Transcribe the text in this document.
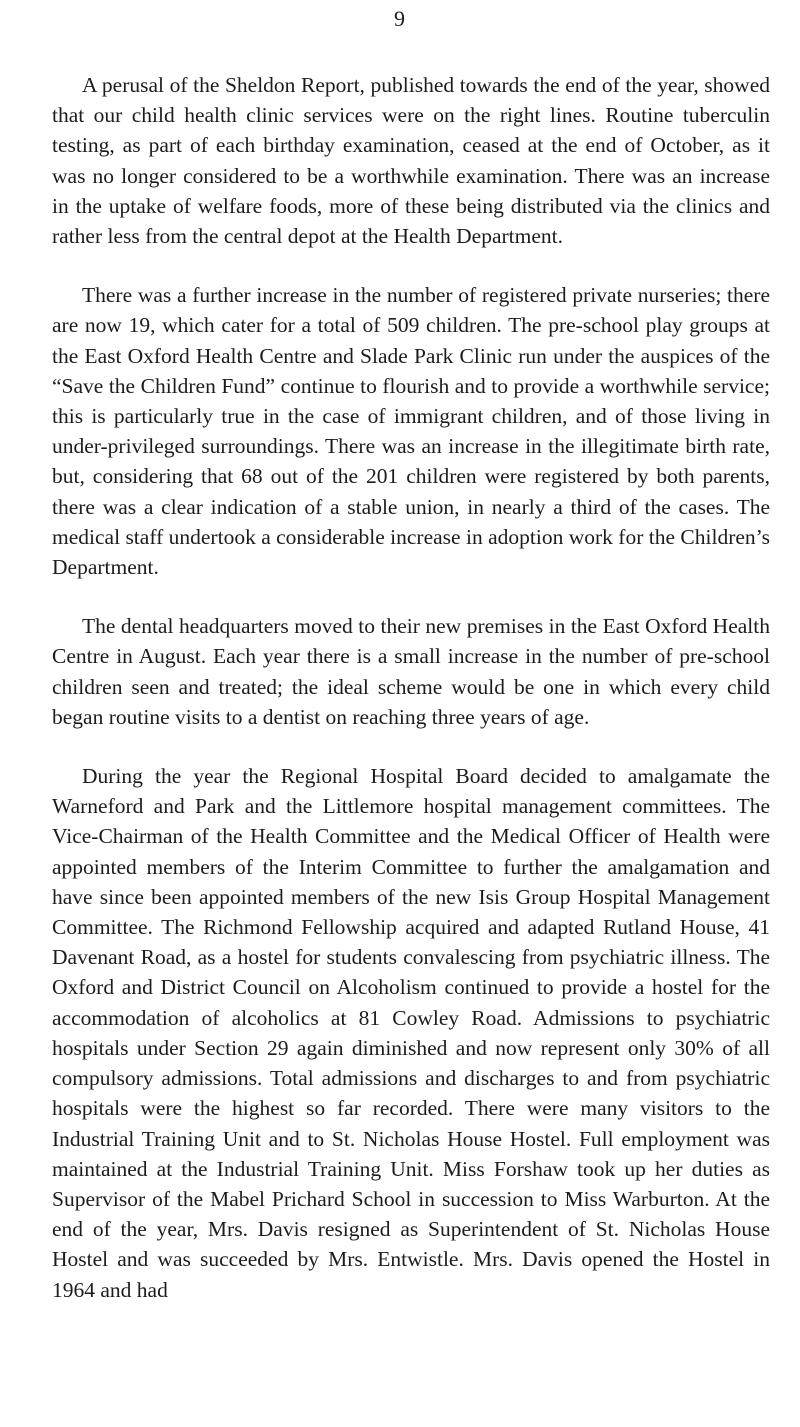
9

A perusal of the Sheldon Report, published towards the end of the year, showed that our child health clinic services were on the right lines. Routine tuberculin testing, as part of each birthday examination, ceased at the end of October, as it was no longer considered to be a worthwhile examination. There was an increase in the uptake of welfare foods, more of these being distributed via the clinics and rather less from the central depot at the Health Department.

There was a further increase in the number of registered private nurseries; there are now 19, which cater for a total of 509 children. The pre-school play groups at the East Oxford Health Centre and Slade Park Clinic run under the auspices of the “Save the Children Fund” continue to flourish and to provide a worthwhile service; this is particularly true in the case of immigrant children, and of those living in under-privileged surroundings. There was an increase in the illegitimate birth rate, but, considering that 68 out of the 201 children were registered by both parents, there was a clear indication of a stable union, in nearly a third of the cases. The medical staff undertook a considerable increase in adoption work for the Children’s Department.

The dental headquarters moved to their new premises in the East Oxford Health Centre in August. Each year there is a small increase in the number of pre-school children seen and treated; the ideal scheme would be one in which every child began routine visits to a dentist on reaching three years of age.

During the year the Regional Hospital Board decided to amalgamate the Warneford and Park and the Littlemore hospital management committees. The Vice-Chairman of the Health Committee and the Medical Officer of Health were appointed members of the Interim Committee to further the amalgamation and have since been appointed members of the new Isis Group Hospital Management Committee. The Richmond Fellowship acquired and adapted Rutland House, 41 Davenant Road, as a hostel for students convalescing from psychiatric illness. The Oxford and District Council on Alcoholism continued to provide a hostel for the accommodation of alcoholics at 81 Cowley Road. Admissions to psychiatric hospitals under Section 29 again diminished and now represent only 30% of all compulsory admissions. Total admissions and discharges to and from psychiatric hospitals were the highest so far recorded. There were many visitors to the Industrial Training Unit and to St. Nicholas House Hostel. Full employment was maintained at the Industrial Training Unit. Miss Forshaw took up her duties as Supervisor of the Mabel Prichard School in succession to Miss Warburton. At the end of the year, Mrs. Davis resigned as Superintendent of St. Nicholas House Hostel and was succeeded by Mrs. Entwistle. Mrs. Davis opened the Hostel in 1964 and had
